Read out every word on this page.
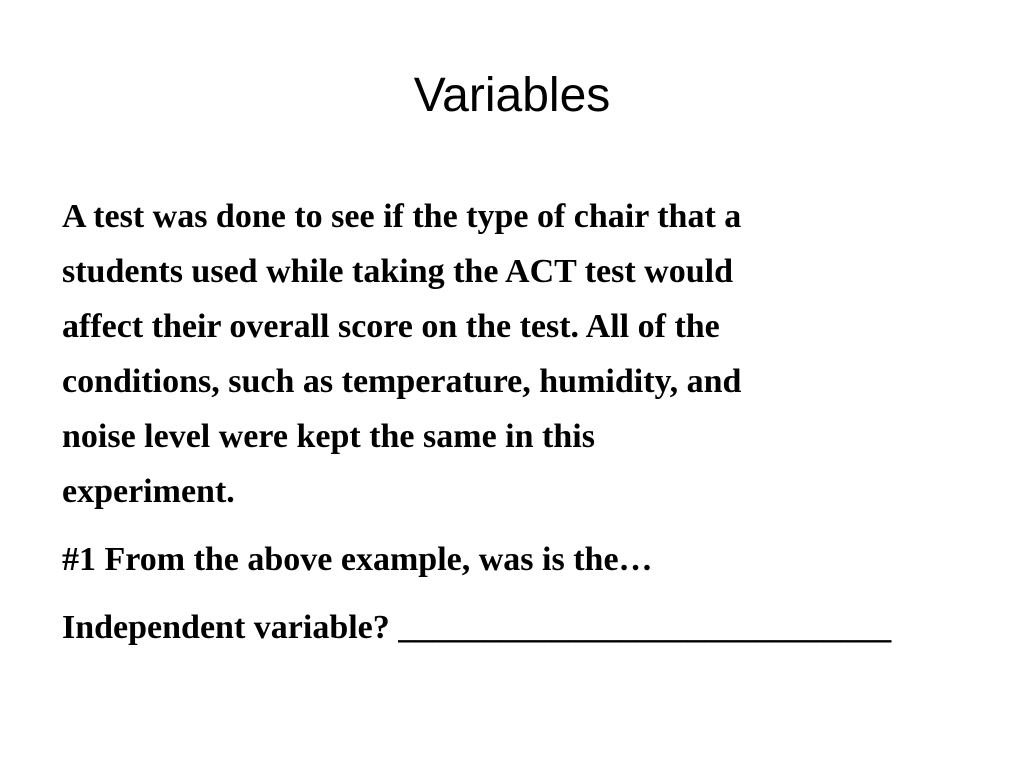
Variables
A test was done to see if the type of chair that a
students used while taking the ACT test would
affect their overall score on the test. All of the
conditions, such as temperature, humidity, and
noise level were kept the same in this
experiment.

#1 From the above example, was is the…

Independent variable? _____________________________
